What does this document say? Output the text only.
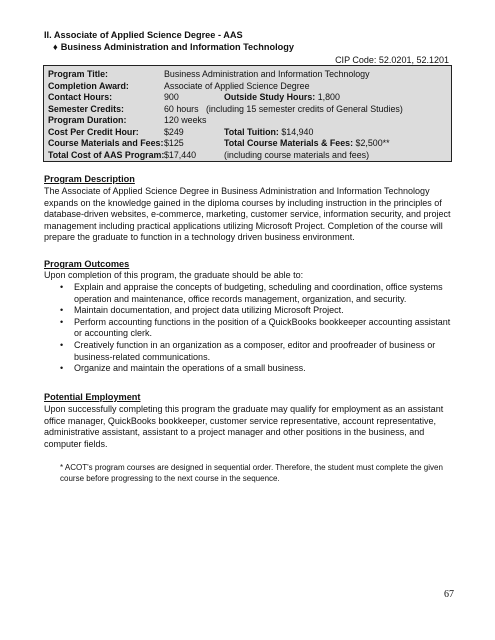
II. Associate of Applied Science Degree - AAS
♦ Business Administration and Information Technology
CIP Code: 52.0201, 52.1201
Program Title:	Business Administration and Information Technology
Completion Award:	Associate of Applied Science Degree
Contact Hours:	900	Outside Study Hours: 1,800
Semester Credits:	60 hours (including 15 semester credits of General Studies)
Program Duration:	120 weeks
Cost Per Credit Hour:	$249	Total Tuition: $14,940
Course Materials and Fees: $125	Total Course Materials & Fees: $2,500**
Total Cost of AAS Program: $17,440	(including course materials and fees)
Program Description
The Associate of Applied Science Degree in Business Administration and Information Technology expands on the knowledge gained in the diploma courses by including instruction in the principles of database-driven websites, e-commerce, marketing, customer service, information security, and project management including practical applications utilizing Microsoft Project. Completion of the course will prepare the graduate to function in a technology driven business environment.
Program Outcomes
Upon completion of this program, the graduate should be able to:
• Explain and appraise the concepts of budgeting, scheduling and coordination, office systems operation and maintenance, office records management, organization, and security.
• Maintain documentation, and project data utilizing Microsoft Project.
• Perform accounting functions in the position of a QuickBooks bookkeeper accounting assistant or accounting clerk.
• Creatively function in an organization as a composer, editor and proofreader of business or business-related communications.
• Organize and maintain the operations of a small business.
Potential Employment
Upon successfully completing this program the graduate may qualify for employment as an assistant office manager, QuickBooks bookkeeper, customer service representative, account representative, administrative assistant, assistant to a project manager and other positions in the business, and computer fields.
* ACOT's program courses are designed in sequential order. Therefore, the student must complete the given course before progressing to the next course in the sequence.
67
